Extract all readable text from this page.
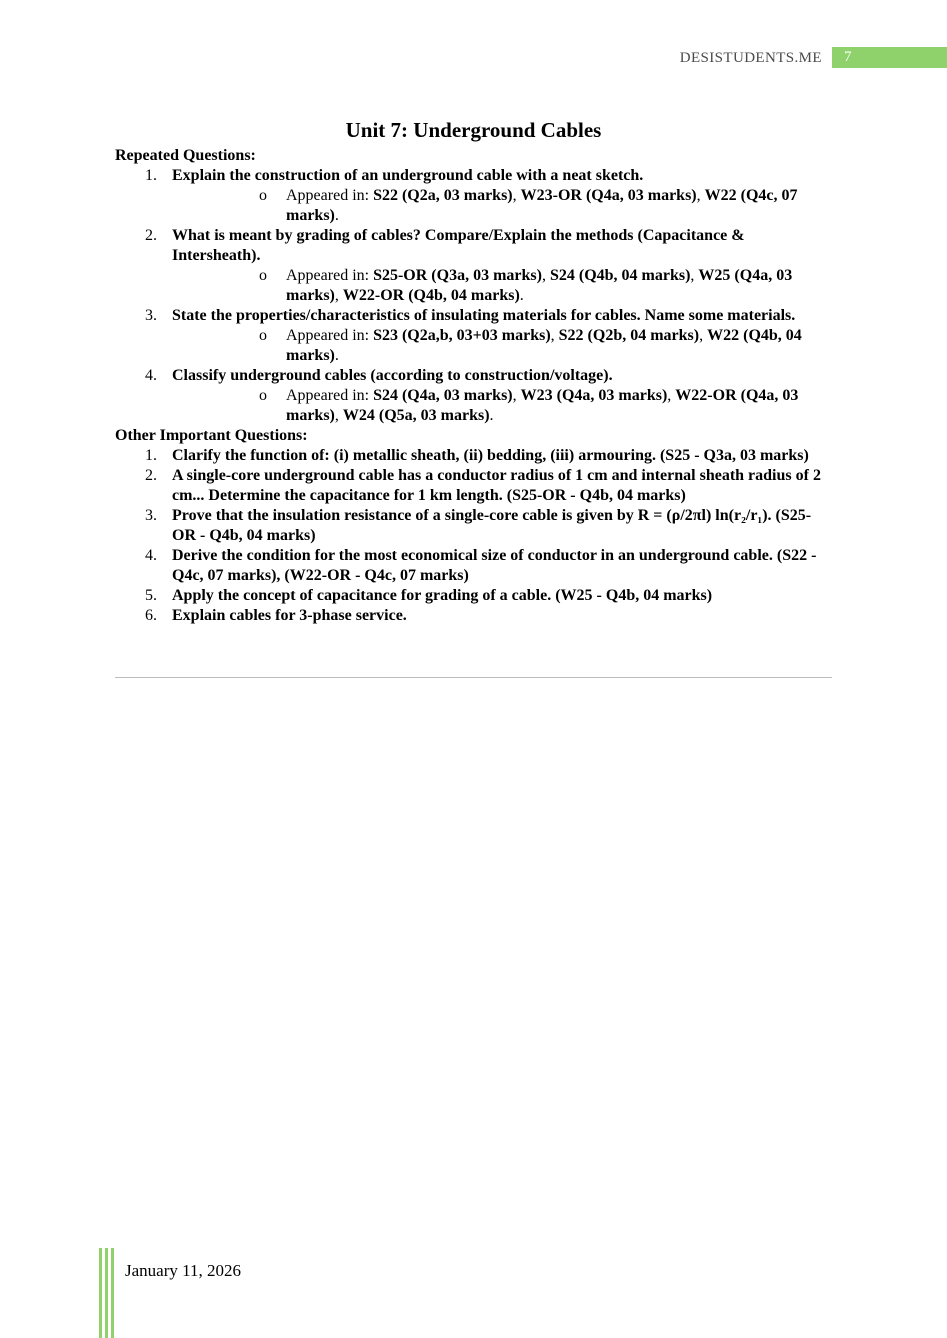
DESISTUDENTS.ME	7
Unit 7: Underground Cables
Repeated Questions:
1. Explain the construction of an underground cable with a neat sketch.
o Appeared in: S22 (Q2a, 03 marks), W23-OR (Q4a, 03 marks), W22 (Q4c, 07 marks).
2. What is meant by grading of cables? Compare/Explain the methods (Capacitance & Intersheath).
o Appeared in: S25-OR (Q3a, 03 marks), S24 (Q4b, 04 marks), W25 (Q4a, 03 marks), W22-OR (Q4b, 04 marks).
3. State the properties/characteristics of insulating materials for cables. Name some materials.
o Appeared in: S23 (Q2a,b, 03+03 marks), S22 (Q2b, 04 marks), W22 (Q4b, 04 marks).
4. Classify underground cables (according to construction/voltage).
o Appeared in: S24 (Q4a, 03 marks), W23 (Q4a, 03 marks), W22-OR (Q4a, 03 marks), W24 (Q5a, 03 marks).
Other Important Questions:
1. Clarify the function of: (i) metallic sheath, (ii) bedding, (iii) armouring. (S25 - Q3a, 03 marks)
2. A single-core underground cable has a conductor radius of 1 cm and internal sheath radius of 2 cm... Determine the capacitance for 1 km length. (S25-OR - Q4b, 04 marks)
3. Prove that the insulation resistance of a single-core cable is given by R = (ρ/2πl) ln(r₂/r₁). (S25-OR - Q4b, 04 marks)
4. Derive the condition for the most economical size of conductor in an underground cable. (S22 - Q4c, 07 marks), (W22-OR - Q4c, 07 marks)
5. Apply the concept of capacitance for grading of a cable. (W25 - Q4b, 04 marks)
6. Explain cables for 3-phase service.
January 11, 2026
